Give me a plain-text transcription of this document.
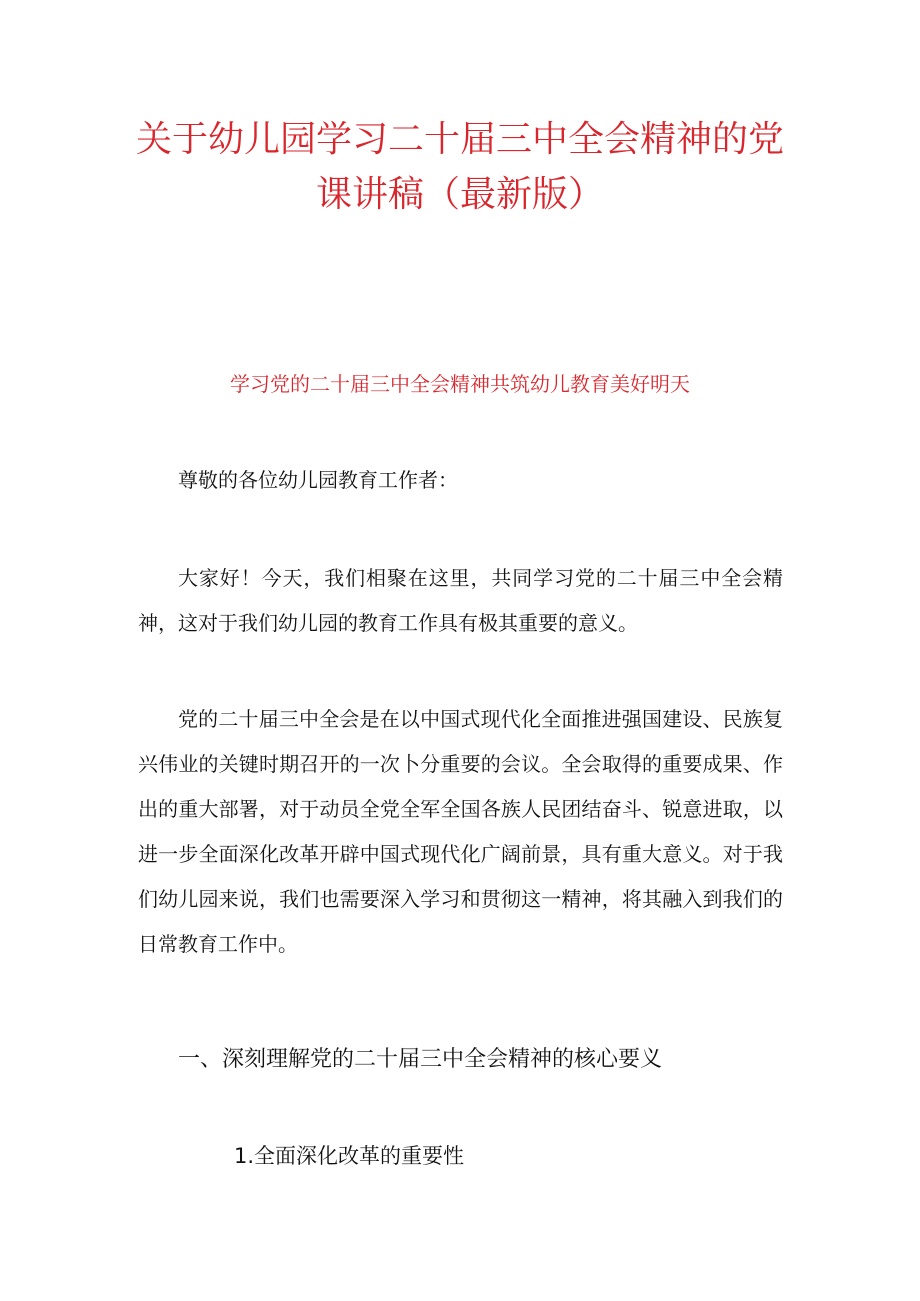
关于幼儿园学习二十届三中全会精神的党
课讲稿（最新版）
学习党的二十届三中全会精神共筑幼儿教育美好明天

尊敬的各位幼儿园教育工作者：

大家好！今天，我们相聚在这里，共同学习党的二十届三中全会精神，这对于我们幼儿园的教育工作具有极其重要的意义。

党的二十届三中全会是在以中国式现代化全面推进强国建设、民族复兴伟业的关键时期召开的一次卜分重要的会议。全会取得的重要成果、作出的重大部署，对于动员全党全军全国各族人民团结奋斗、锐意进取，以进一步全面深化改革开辟中国式现代化广阔前景，具有重大意义。对于我们幼儿园来说，我们也需要深入学习和贯彻这一精神，将其融入到我们的日常教育工作中。

一、深刻理解党的二十届三中全会精神的核心要义
1.全面深化改革的重要性
